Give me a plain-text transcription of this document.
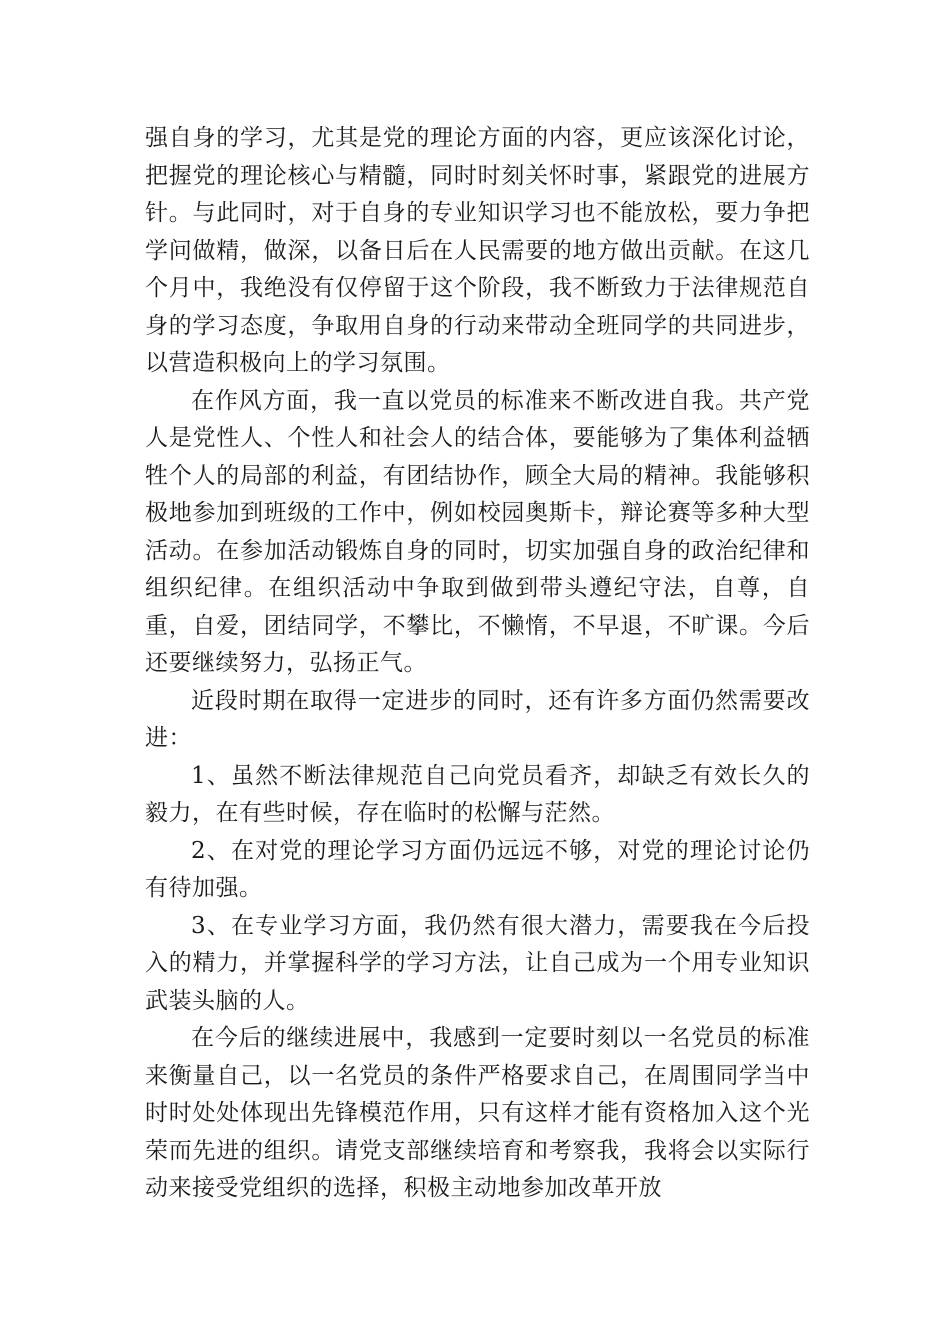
强自身的学习，尤其是党的理论方面的内容，更应该深化讨论，把握党的理论核心与精髓，同时时刻关怀时事，紧跟党的进展方针。与此同时，对于自身的专业知识学习也不能放松，要力争把学问做精，做深，以备日后在人民需要的地方做出贡献。在这几个月中，我绝没有仅停留于这个阶段，我不断致力于法律规范自身的学习态度，争取用自身的行动来带动全班同学的共同进步，以营造积极向上的学习氛围。

在作风方面，我一直以党员的标准来不断改进自我。共产党人是党性人、个性人和社会人的结合体，要能够为了集体利益牺牲个人的局部的利益，有团结协作，顾全大局的精神。我能够积极地参加到班级的工作中，例如校园奥斯卡，辩论赛等多种大型活动。在参加活动锻炼自身的同时，切实加强自身的政治纪律和组织纪律。在组织活动中争取到做到带头遵纪守法，自尊，自重，自爱，团结同学，不攀比，不懒惰，不早退，不旷课。今后还要继续努力，弘扬正气。

近段时期在取得一定进步的同时，还有许多方面仍然需要改进：

1、虽然不断法律规范自己向党员看齐，却缺乏有效长久的毅力，在有些时候，存在临时的松懈与茫然。

2、在对党的理论学习方面仍远远不够，对党的理论讨论仍有待加强。

3、在专业学习方面，我仍然有很大潜力，需要我在今后投入的精力，并掌握科学的学习方法，让自己成为一个用专业知识武装头脑的人。

在今后的继续进展中，我感到一定要时刻以一名党员的标准来衡量自己，以一名党员的条件严格要求自己，在周围同学当中时时处处体现出先锋模范作用，只有这样才能有资格加入这个光荣而先进的组织。请党支部继续培育和考察我，我将会以实际行动来接受党组织的选择，积极主动地参加改革开放
